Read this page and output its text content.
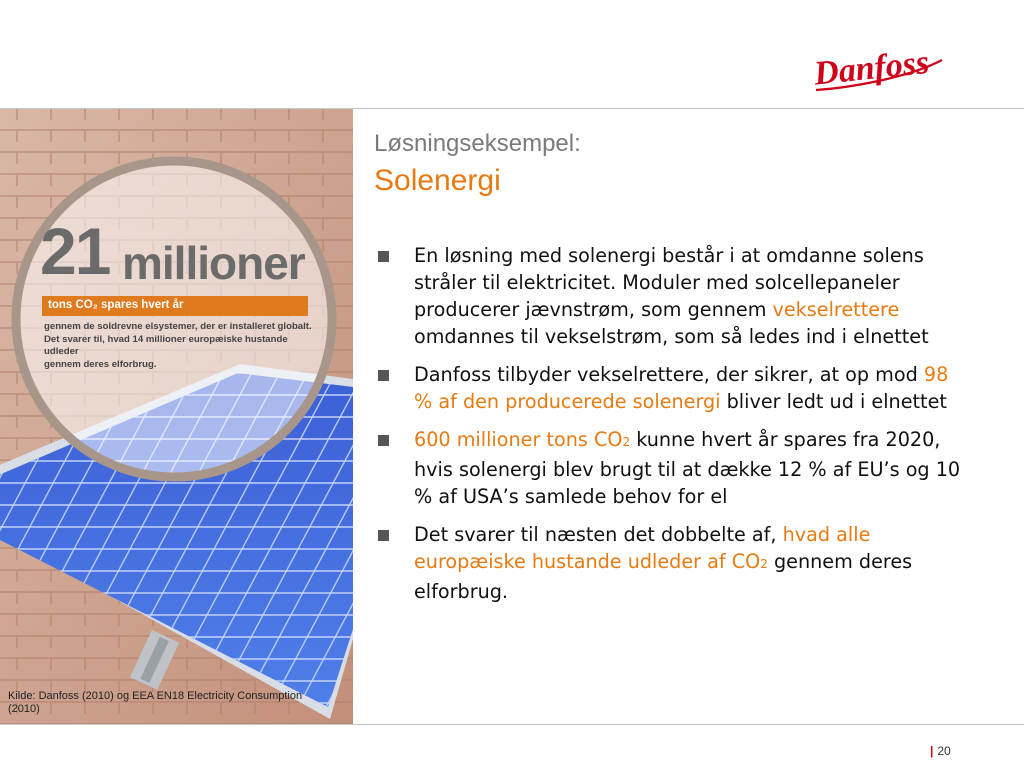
Danfoss
21 millioner
tons CO₂ spares hvert år
gennem de soldrevne elsystemer, der er installeret globalt.
Det svarer til, hvad 14 millioner europæiske hustande udleder
gennem deres elforbrug.
Kilde: Danfoss (2010) og EEA EN18 Electricity Consumption (2010)
Løsningseksempel:
Solenergi
En løsning med solenergi består i at omdanne solens stråler til elektricitet. Moduler med solcellepaneler producerer jævnstrøm, som gennem vekselrettere omdannes til vekselstrøm, som så ledes ind i elnettet
Danfoss tilbyder vekselrettere, der sikrer, at op mod 98 % af den producerede solenergi bliver ledt ud i elnettet
600 millioner tons CO2 kunne hvert år spares fra 2020, hvis solenergi blev brugt til at dække 12 % af EU’s og 10 % af USA’s samlede behov for el
Det svarer til næsten det dobbelte af, hvad alle europæiske hustande udleder af CO2 gennem deres elforbrug.
| 20
